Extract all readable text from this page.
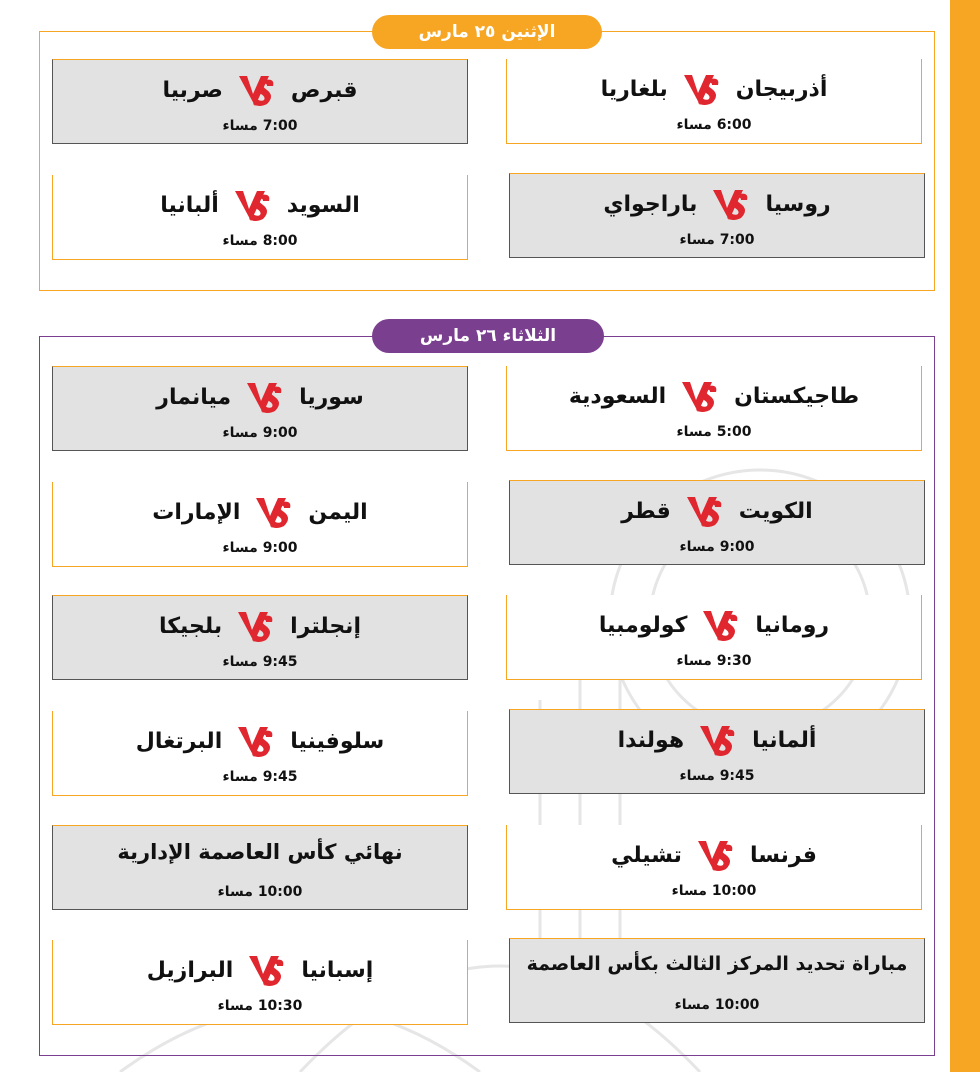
الإثنين ٢٥ مارس
أذربيجان
بلغاريا
6:00 مساء
قبرص
صربيا
7:00 مساء
روسيا
باراجواي
7:00 مساء
السويد
ألبانيا
8:00 مساء
الثلاثاء ٢٦ مارس
طاجيكستان
السعودية
5:00 مساء
سوريا
ميانمار
9:00 مساء
الكويت
قطر
9:00 مساء
اليمن
الإمارات
9:00 مساء
رومانيا
كولومبيا
9:30 مساء
إنجلترا
بلجيكا
9:45 مساء
ألمانيا
هولندا
9:45 مساء
سلوفينيا
البرتغال
9:45 مساء
فرنسا
تشيلي
10:00 مساء
نهائي كأس العاصمة الإدارية
10:00 مساء
مباراة تحديد المركز الثالث بكأس العاصمة
10:00 مساء
إسبانيا
البرازيل
10:30 مساء
